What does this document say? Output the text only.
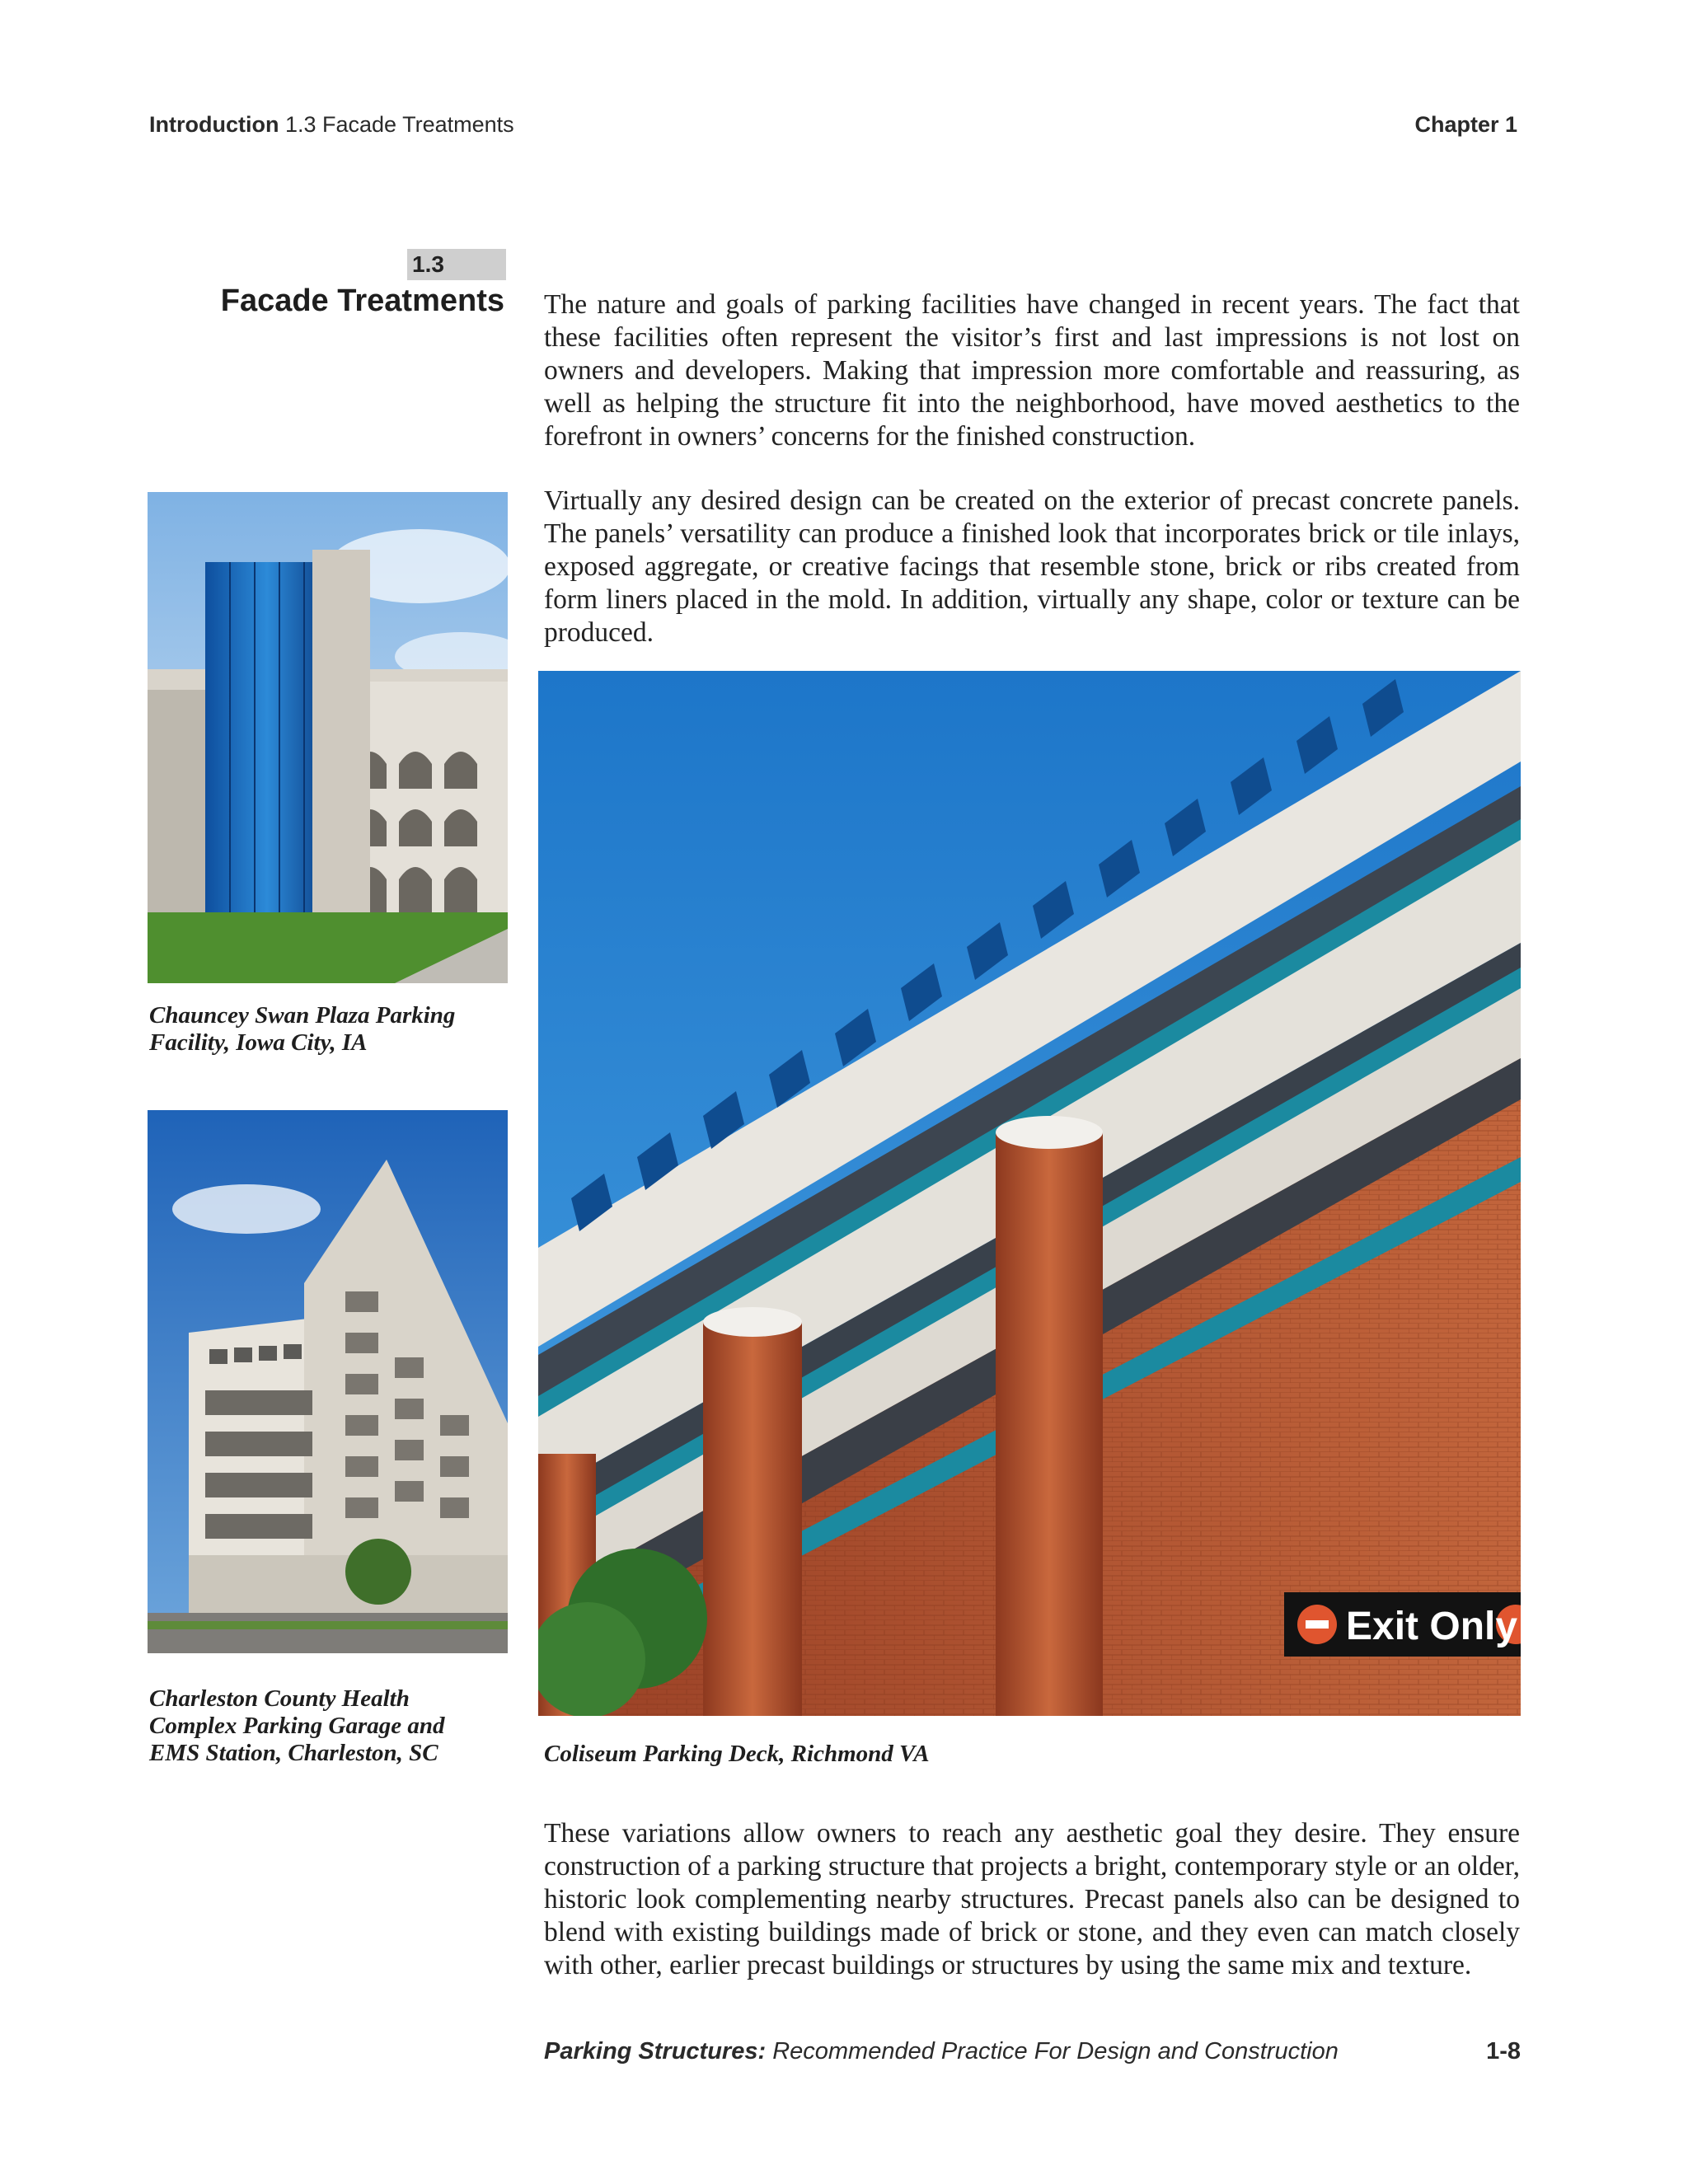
Introduction 1.3 Facade Treatments	Chapter 1
1.3
Facade Treatments The nature and goals of parking facilities have changed in recent years. The fact that these facilities often represent the visitor’s first and last impressions is not lost on owners and developers. Making that impression more comfortable and reassuring, as well as helping the structure fit into the neighborhood, have moved aesthetics to the forefront in owners’ concerns for the finished construction.
Virtually any desired design can be created on the exterior of precast concrete panels. The panels’ versatility can produce a finished look that incorporates brick or tile inlays, exposed aggregate, or creative facings that resemble stone, brick or ribs created from form liners placed in the mold. In addition, virtually any shape, color or texture can be produced.
Chauncey Swan Plaza Parking Facility, Iowa City, IA
Charleston County Health Complex Parking Garage and EMS Station, Charleston, SC
Exit Only
Coliseum Parking Deck, Richmond VA
These variations allow owners to reach any aesthetic goal they desire. They ensure construction of a parking structure that projects a bright, contemporary style or an older, historic look complementing nearby structures. Precast panels also can be designed to blend with existing buildings made of brick or stone, and they even can match closely with other, earlier precast buildings or structures by using the same mix and texture.
Parking Structures: Recommended Practice For Design and Construction	1-8
